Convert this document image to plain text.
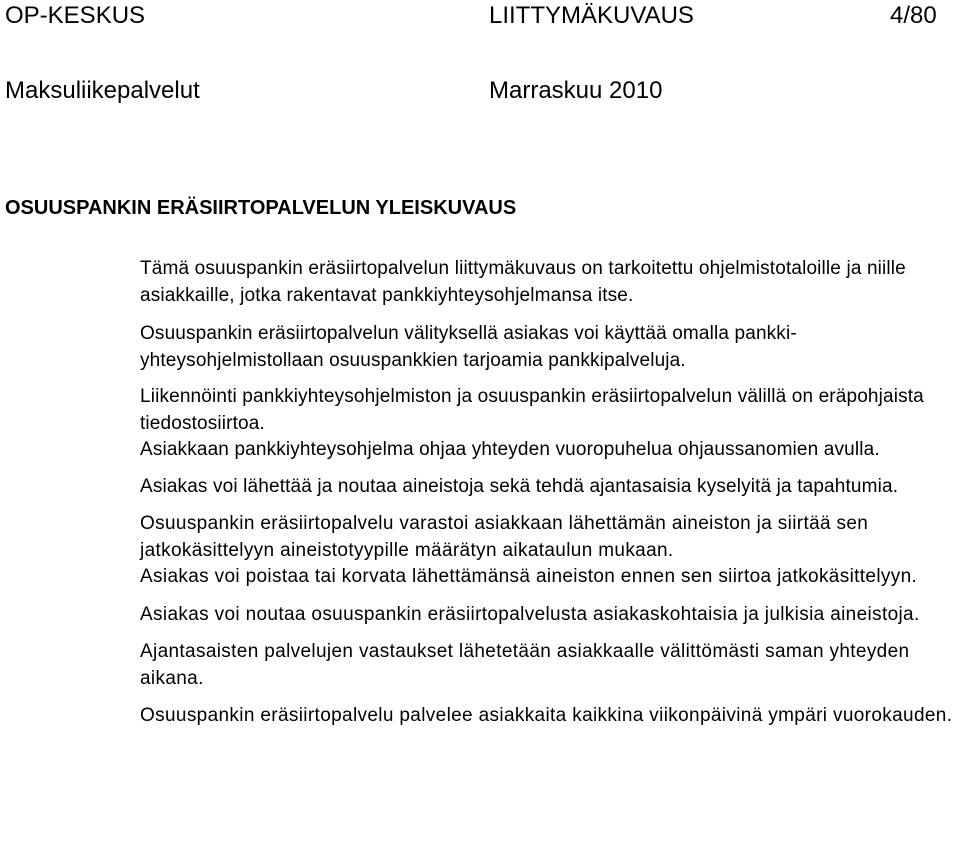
OP-KESKUS	LIITTYMÄKUVAUS	4/80
Maksuliikepalvelut	Marraskuu 2010
OSUUSPANKIN ERÄSIIRTOPALVELUN YLEISKUVAUS

Tämä osuuspankin eräsiirtopalvelun liittymäkuvaus on tarkoitettu ohjelmistotaloille ja niille asiakkaille, jotka rakentavat pankkiyhteysohjelmansa itse.

Osuuspankin eräsiirtopalvelun välityksellä asiakas voi käyttää omalla pankki-yhteysohjelmistollaan osuuspankkien tarjoamia pankkipalveluja.

Liikennöinti pankkiyhteysohjelmiston ja osuuspankin eräsiirtopalvelun välillä on eräpohjaista tiedostosiirtoa.

Asiakkaan pankkiyhteysohjelma ohjaa yhteyden vuoropuhelua ohjaussanomien avulla.

Asiakas voi lähettää ja noutaa aineistoja sekä tehdä ajantasaisia kyselyitä ja tapahtumia.

Osuuspankin eräsiirtopalvelu varastoi asiakkaan lähettämän aineiston ja siirtää sen jatkokäsittelyyn aineistotyypille määrätyn aikataulun mukaan.

Asiakas voi poistaa tai korvata lähettämänsä aineiston ennen sen siirtoa jatkokäsittelyyn.

Asiakas voi noutaa osuuspankin eräsiirtopalvelusta asiakaskohtaisia ja julkisia aineistoja.

Ajantasaisten palvelujen vastaukset lähetetään asiakkaalle välittömästi saman yhteyden aikana.

Osuuspankin eräsiirtopalvelu palvelee asiakkaita kaikkina viikonpäivinä ympäri vuorokauden.
